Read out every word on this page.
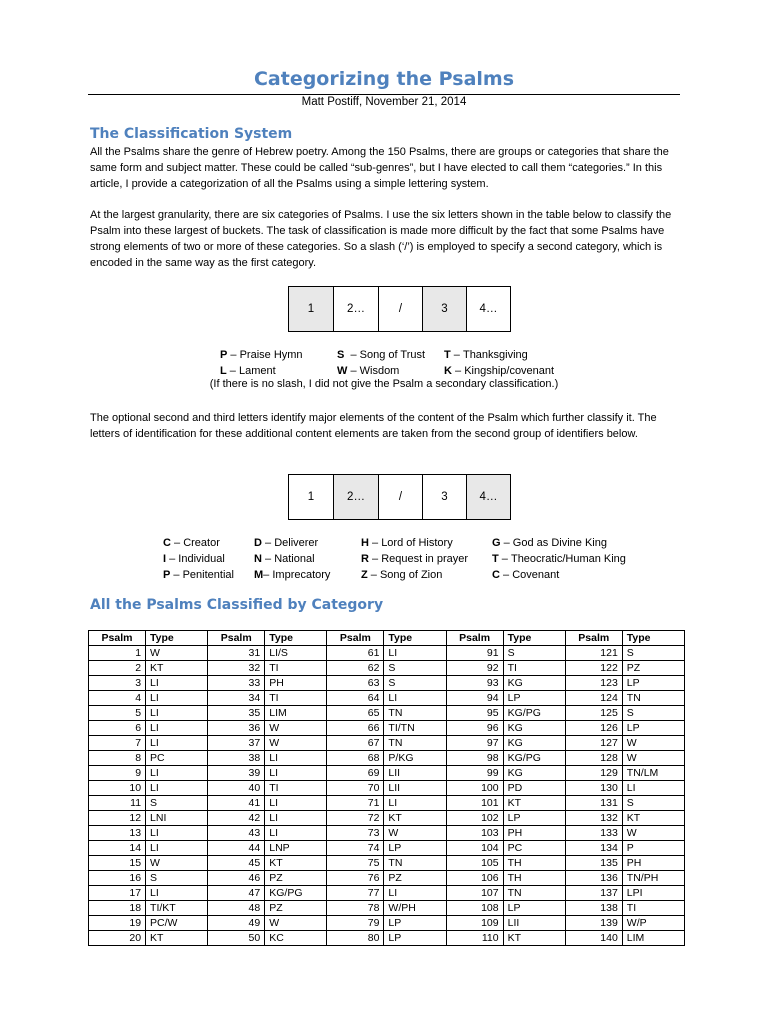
Categorizing the Psalms
Matt Postiff, November 21, 2014
The Classification System
All the Psalms share the genre of Hebrew poetry. Among the 150 Psalms, there are groups or categories that share the same form and subject matter. These could be called “sub-genres”, but I have elected to call them “categories.” In this article, I provide a categorization of all the Psalms using a simple lettering system.
At the largest granularity, there are six categories of Psalms. I use the six letters shown in the table below to classify the Psalm into these largest of buckets. The task of classification is made more difficult by the fact that some Psalms have strong elements of two or more of these categories. So a slash (‘/’) is employed to specify a second category, which is encoded in the same way as the first category.
1	2…	/	3	4…
P – Praise Hymn	S  – Song of Trust T – Thanksgiving
L – Lament	W – Wisdom	K – Kingship/covenant
(If there is no slash, I did not give the Psalm a secondary classification.)
The optional second and third letters identify major elements of the content of the Psalm which further classify it. The letters of identification for these additional content elements are taken from the second group of identifiers below.
1	2…	/	3	4…
C – Creator	D – Deliverer	H – Lord of History	G – God as Divine King
I – Individual	N – National	R – Request in prayer T – Theocratic/Human King
P – Penitential M– Imprecatory	Z – Song of Zion	C – Covenant
All the Psalms Classified by Category
Psalm	Type	Psalm	Type	Psalm	Type	Psalm	Type	Psalm	Type
1	W	31	LI/S	61	LI	91	S	121	S
2	KT	32	TI	62	S	92	TI	122	PZ
3	LI	33	PH	63	S	93	KG	123	LP
4	LI	34	TI	64	LI	94	LP	124	TN
5	LI	35	LIM	65	TN	95	KG/PG	125	S
6	LI	36	W	66	TI/TN	96	KG	126	LP
7	LI	37	W	67	TN	97	KG	127	W
8	PC	38	LI	68	P/KG	98	KG/PG	128	W
9	LI	39	LI	69	LII	99	KG	129	TN/LM
10	LI	40	TI	70	LII	100	PD	130	LI
11	S	41	LI	71	LI	101	KT	131	S
12	LNI	42	LI	72	KT	102	LP	132	KT
13	LI	43	LI	73	W	103	PH	133	W
14	LI	44	LNP	74	LP	104	PC	134	P
15	W	45	KT	75	TN	105	TH	135	PH
16	S	46	PZ	76	PZ	106	TH	136	TN/PH
17	LI	47	KG/PG	77	LI	107	TN	137	LPI
18	TI/KT	48	PZ	78	W/PH	108	LP	138	TI
19	PC/W	49	W	79	LP	109	LII	139	W/P
20	KT	50	KC	80	LP	110	KT	140	LIM
